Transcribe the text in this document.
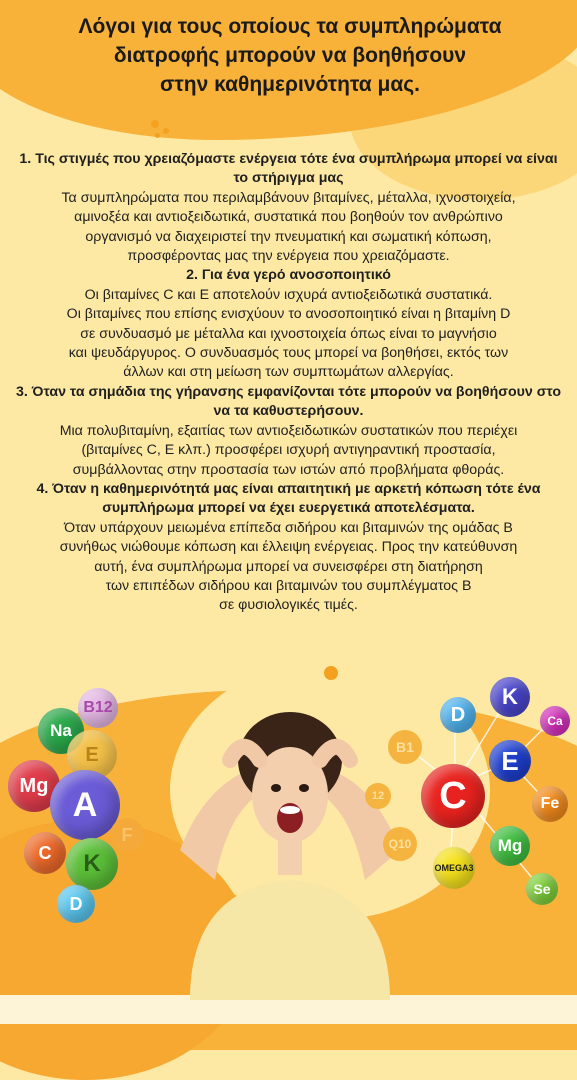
Λόγοι για τους οποίους τα συμπληρώματα
διατροφής μπορούν να βοηθήσουν
στην καθημερινότητα μας.

1. Τις στιγμές που χρειαζόμαστε ενέργεια τότε ένα συμπλήρωμα μπορεί να είναι το στήριγμα μας

Τα συμπληρώματα που περιλαμβάνουν βιταμίνες, μέταλλα, ιχνοστοιχεία,

αμινοξέα και αντιοξειδωτικά, συστατικά που βοηθούν τον ανθρώπινο

οργανισμό να διαχειριστεί την πνευματική και σωματική κόπωση,

προσφέροντας μας την ενέργεια που χρειαζόμαστε.

2. Για ένα γερό ανοσοποιητικό

Οι βιταμίνες C και E αποτελούν ισχυρά αντιοξειδωτικά συστατικά.

Οι βιταμίνες που επίσης ενισχύουν το ανοσοποιητικό είναι η βιταμίνη D

σε συνδυασμό με μέταλλα και ιχνοστοιχεία όπως είναι το μαγνήσιο

και ψευδάργυρος. Ο συνδυασμός τους μπορεί να βοηθήσει, εκτός των

άλλων και στη μείωση των συμπτωμάτων αλλεργίας.

3. Όταν τα σημάδια της γήρανσης εμφανίζονται τότε μπορούν να βοηθήσουν στο να τα καθυστερήσουν.

Μια πολυβιταμίνη, εξαιτίας των αντιοξειδωτικών συστατικών που περιέχει

(βιταμίνες C, E κλπ.) προσφέρει ισχυρή αντιγηραντική προστασία,

συμβάλλοντας στην προστασία των ιστών από προβλήματα φθοράς.

4. Όταν η καθημερινότητά μας είναι απαιτητική με αρκετή κόπωση τότε ένα συμπλήρωμα μπορεί να έχει ευεργετικά αποτελέσματα.

Όταν υπάρχουν μειωμένα επίπεδα σιδήρου και βιταμινών της ομάδας B

συνήθως νιώθουμε κόπωση και έλλειψη ενέργειας. Προς την κατεύθυνση

αυτή, ένα συμπλήρωμα μπορεί να συνεισφέρει στη διατήρηση

των επιπέδων σιδήρου και βιταμινών του συμπλέγματος B

σε φυσιολογικές τιμές.

B12
Na
E
Mg A
C K
D
F
K
D	Ca
B1
C
E
Fe
12
Q10	Mg
OMEGA3
Se
